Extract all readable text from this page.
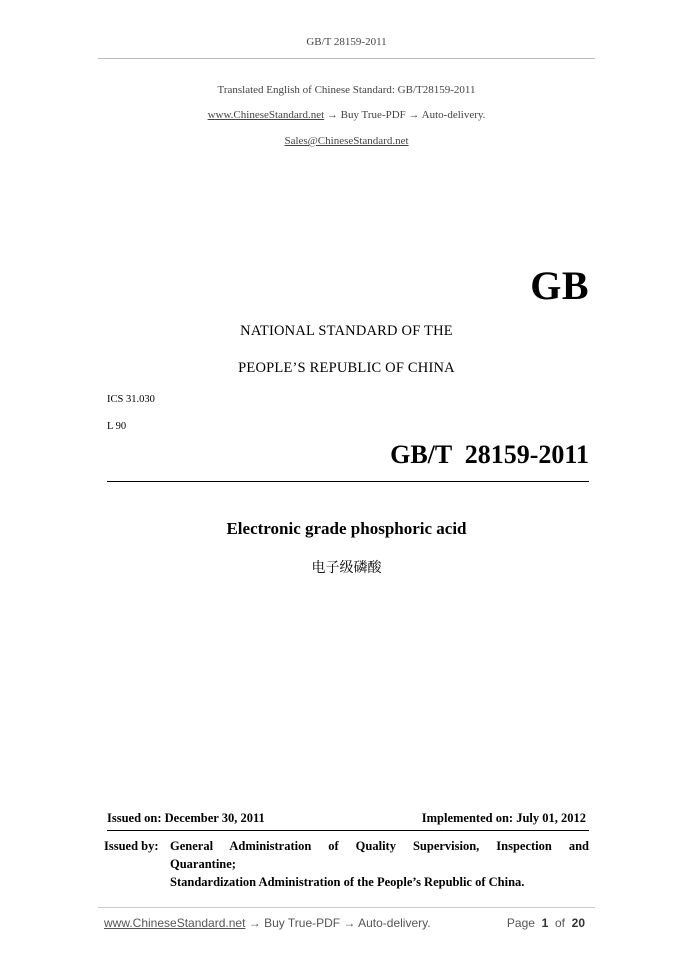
GB/T 28159-2011
Translated English of Chinese Standard: GB/T28159-2011
www.ChineseStandard.net → Buy True-PDF → Auto-delivery.
Sales@ChineseStandard.net
GB
NATIONAL STANDARD OF THE
PEOPLE’S REPUBLIC OF CHINA
ICS 31.030
L 90
GB/T  28159-2011
Electronic grade phosphoric acid
电子级磷酸
Issued on: December 30, 2011	Implemented on: July 01, 2012
Issued by: General Administration of Quality Supervision, Inspection and
Quarantine;
Standardization Administration of the People’s Republic of China.
www.ChineseStandard.net → Buy True-PDF → Auto-delivery.	Page 1 of 20
